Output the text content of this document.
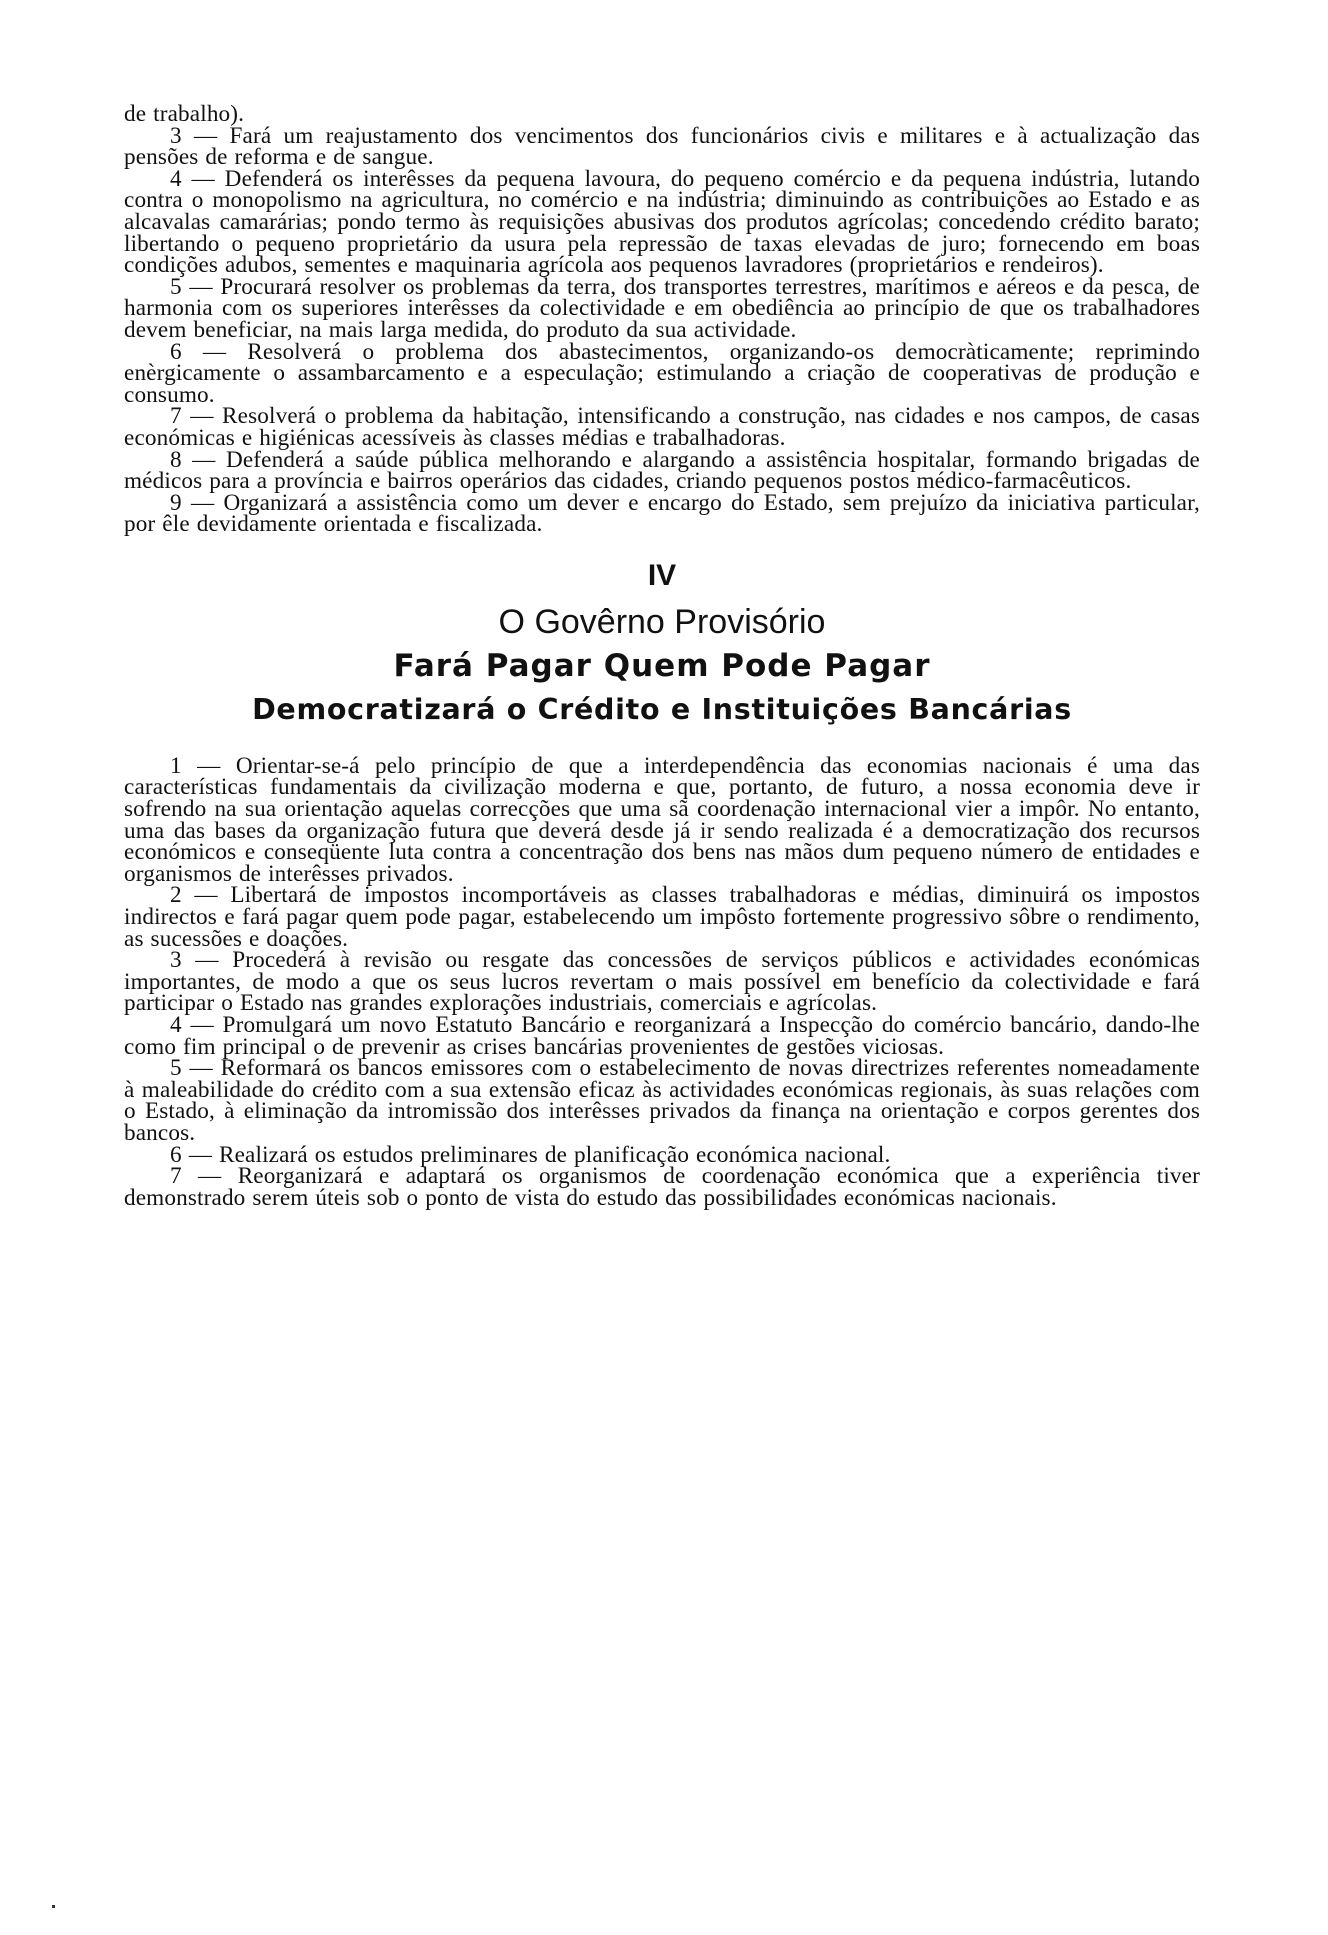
de trabalho).

3 — Fará um reajustamento dos vencimentos dos funcionários civis e militares e à actualização das pensões de reforma e de sangue.

4 — Defenderá os interêsses da pequena lavoura, do pequeno comércio e da pequena indústria, lutando contra o monopolismo na agricultura, no comércio e na indústria; diminuindo as contribuições ao Estado e as alcavalas camarárias; pondo termo às requisições abusivas dos produtos agrícolas; concedendo crédito barato; libertando o pequeno proprietário da usura pela repressão de taxas elevadas de juro; fornecendo em boas condições adubos, sementes e maquinaria agrícola aos pequenos lavradores (proprietários e rendeiros).

5 — Procurará resolver os problemas da terra, dos transportes terrestres, marítimos e aéreos e da pesca, de harmonia com os superiores interêsses da colectividade e em obediência ao princípio de que os trabalhadores devem beneficiar, na mais larga medida, do produto da sua actividade.

6 — Resolverá o problema dos abastecimentos, organizando-os democràticamente; reprimindo enèrgicamente o assambarcamento e a especulação; estimulando a criação de cooperativas de produção e consumo.

7 — Resolverá o problema da habitação, intensificando a construção, nas cidades e nos campos, de casas económicas e higiénicas acessíveis às classes médias e trabalhadoras.

8 — Defenderá a saúde pública melhorando e alargando a assistência hospitalar, formando brigadas de médicos para a província e bairros operários das cidades, criando pequenos postos médico-farmacêuticos.

9 — Organizará a assistência como um dever e encargo do Estado, sem prejuízo da iniciativa particular, por êle devidamente orientada e fiscalizada.

IV
O Govêrno Provisório
Fará Pagar Quem Pode Pagar
Democratizará o Crédito e Instituições Bancárias

1 — Orientar-se-á pelo princípio de que a interdependência das economias nacionais é uma das características fundamentais da civilização moderna e que, portanto, de futuro, a nossa economia deve ir sofrendo na sua orientação aquelas correcções que uma sã coordenação internacional vier a impôr. No entanto, uma das bases da organização futura que deverá desde já ir sendo realizada é a democratização dos recursos económicos e conseqüente luta contra a concentração dos bens nas mãos dum pequeno número de entidades e organismos de interêsses privados.

2 — Libertará de impostos incomportáveis as classes trabalhadoras e médias, diminuirá os impostos indirectos e fará pagar quem pode pagar, estabelecendo um impôsto fortemente progressivo sôbre o rendimento, as sucessões e doações.

3 — Procederá à revisão ou resgate das concessões de serviços públicos e actividades económicas importantes, de modo a que os seus lucros revertam o mais possível em benefício da colectividade e fará participar o Estado nas grandes explorações industriais, comerciais e agrícolas.

4 — Promulgará um novo Estatuto Bancário e reorganizará a Inspecção do comércio bancário, dando-lhe como fim principal o de prevenir as crises bancárias provenientes de gestões viciosas.

5 — Reformará os bancos emissores com o estabelecimento de novas directrizes referentes nomeadamente à maleabilidade do crédito com a sua extensão eficaz às actividades económicas regionais, às suas relações com o Estado, à eliminação da intromissão dos interêsses privados da finança na orientação e corpos gerentes dos bancos.

6 — Realizará os estudos preliminares de planificação económica nacional.

7 — Reorganizará e adaptará os organismos de coordenação económica que a experiência tiver demonstrado serem úteis sob o ponto de vista do estudo das possibilidades económicas nacionais.
